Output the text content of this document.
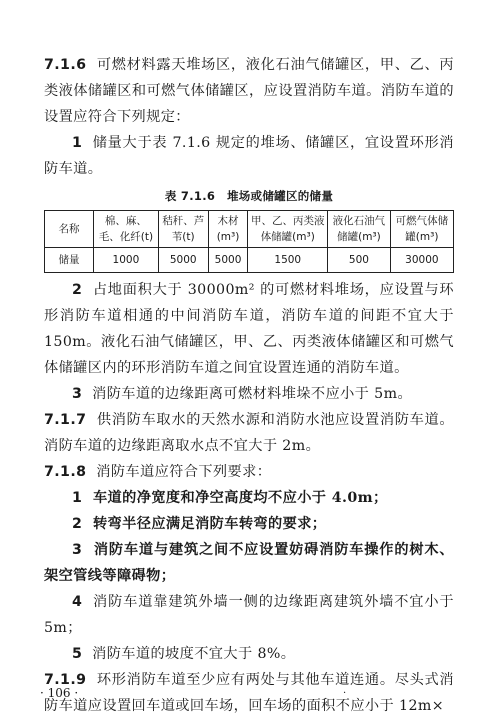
7.1.6 可燃材料露天堆场区，液化石油气储罐区，甲、乙、丙类液体储罐区和可燃气体储罐区，应设置消防车道。消防车道的设置应符合下列规定：

1 储量大于表 7.1.6 规定的堆场、储罐区，宜设置环形消防车道。

表 7.1.6　堆场或储罐区的储量
名称	棉、麻、毛、化纤(t)	秸秆、芦苇(t)	木材(m³)	甲、乙、丙类液体储罐(m³)	液化石油气储罐(m³)	可燃气体储罐(m³)
储量	1000	5000	5000	1500	500	30000

2 占地面积大于 30000m² 的可燃材料堆场，应设置与环形消防车道相通的中间消防车道，消防车道的间距不宜大于 150m。液化石油气储罐区，甲、乙、丙类液体储罐区和可燃气体储罐区内的环形消防车道之间宜设置连通的消防车道。

3 消防车道的边缘距离可燃材料堆垛不应小于 5m。

7.1.7 供消防车取水的天然水源和消防水池应设置消防车道。消防车道的边缘距离取水点不宜大于 2m。

7.1.8 消防车道应符合下列要求：

1 车道的净宽度和净空高度均不应小于 4.0m；

2 转弯半径应满足消防车转弯的要求；

3 消防车道与建筑之间不应设置妨碍消防车操作的树木、架空管线等障碍物；

4 消防车道靠建筑外墙一侧的边缘距离建筑外墙不宜小于 5m；

5 消防车道的坡度不宜大于 8%。

7.1.9 环形消防车道至少应有两处与其他车道连通。尽头式消防车道应设置回车道或回车场，回车场的面积不应小于 12m×

· 106 ·	·
